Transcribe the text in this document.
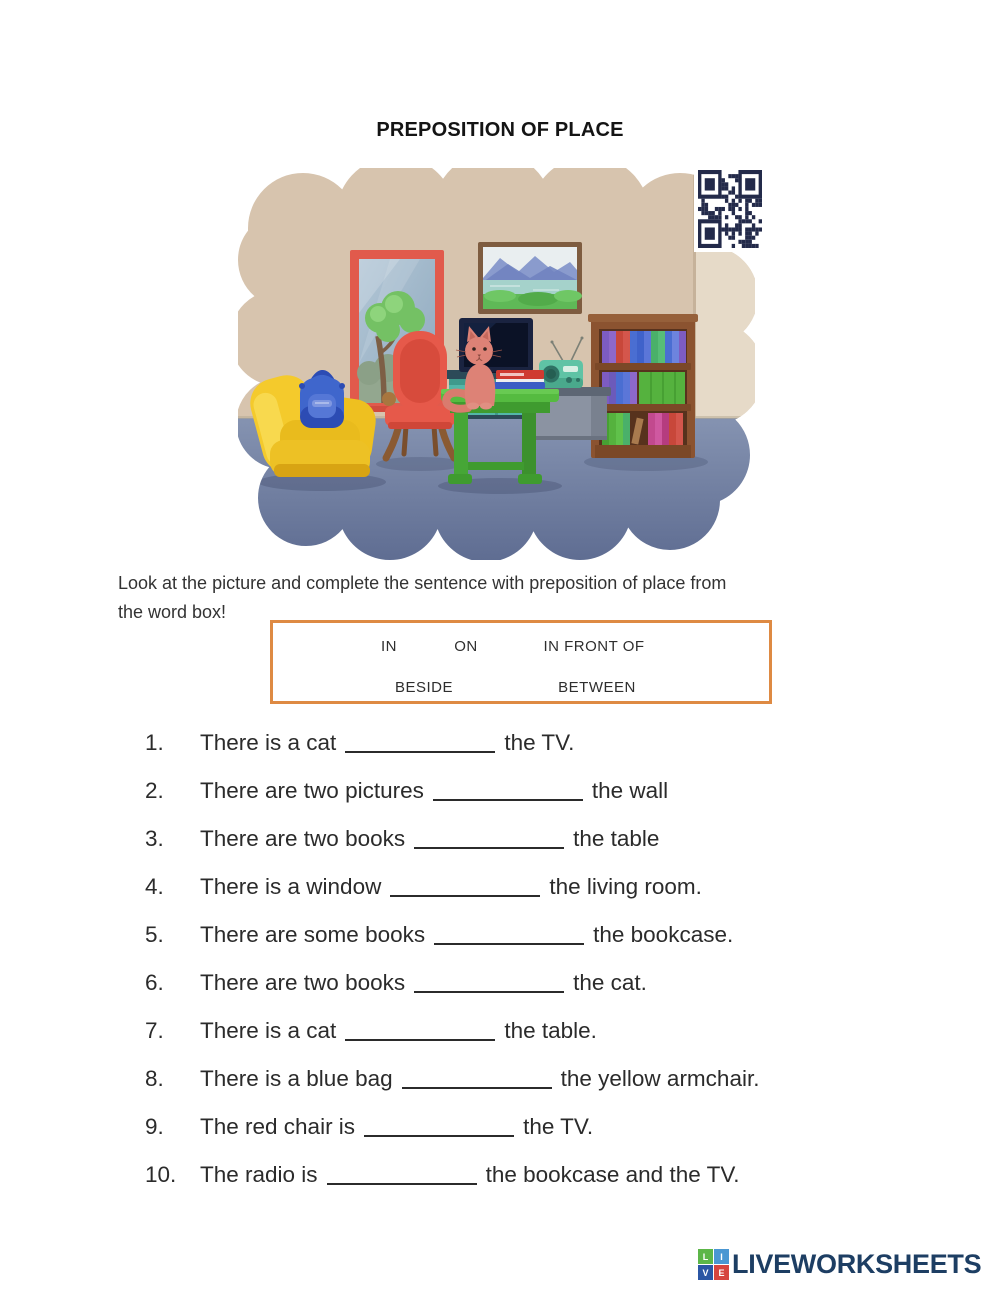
PREPOSITION OF PLACE
Look at the picture and complete the sentence with preposition of place from
the word box!
IN	ON	IN FRONT OF
BESIDE	BETWEEN
1. There is a cat	the TV.
2. There are two pictures	the wall
3. There are two books	the table
4. There is a window	the living room.
5. There are some books	the bookcase.
6. There are two books	the cat.
7. There is a cat	the table.
8. There is a blue bag	the yellow armchair.
9. The red chair is	the TV.
10. The radio is	the bookcase and the TV.
L	I
V	E LIVEWORKSHEETS
